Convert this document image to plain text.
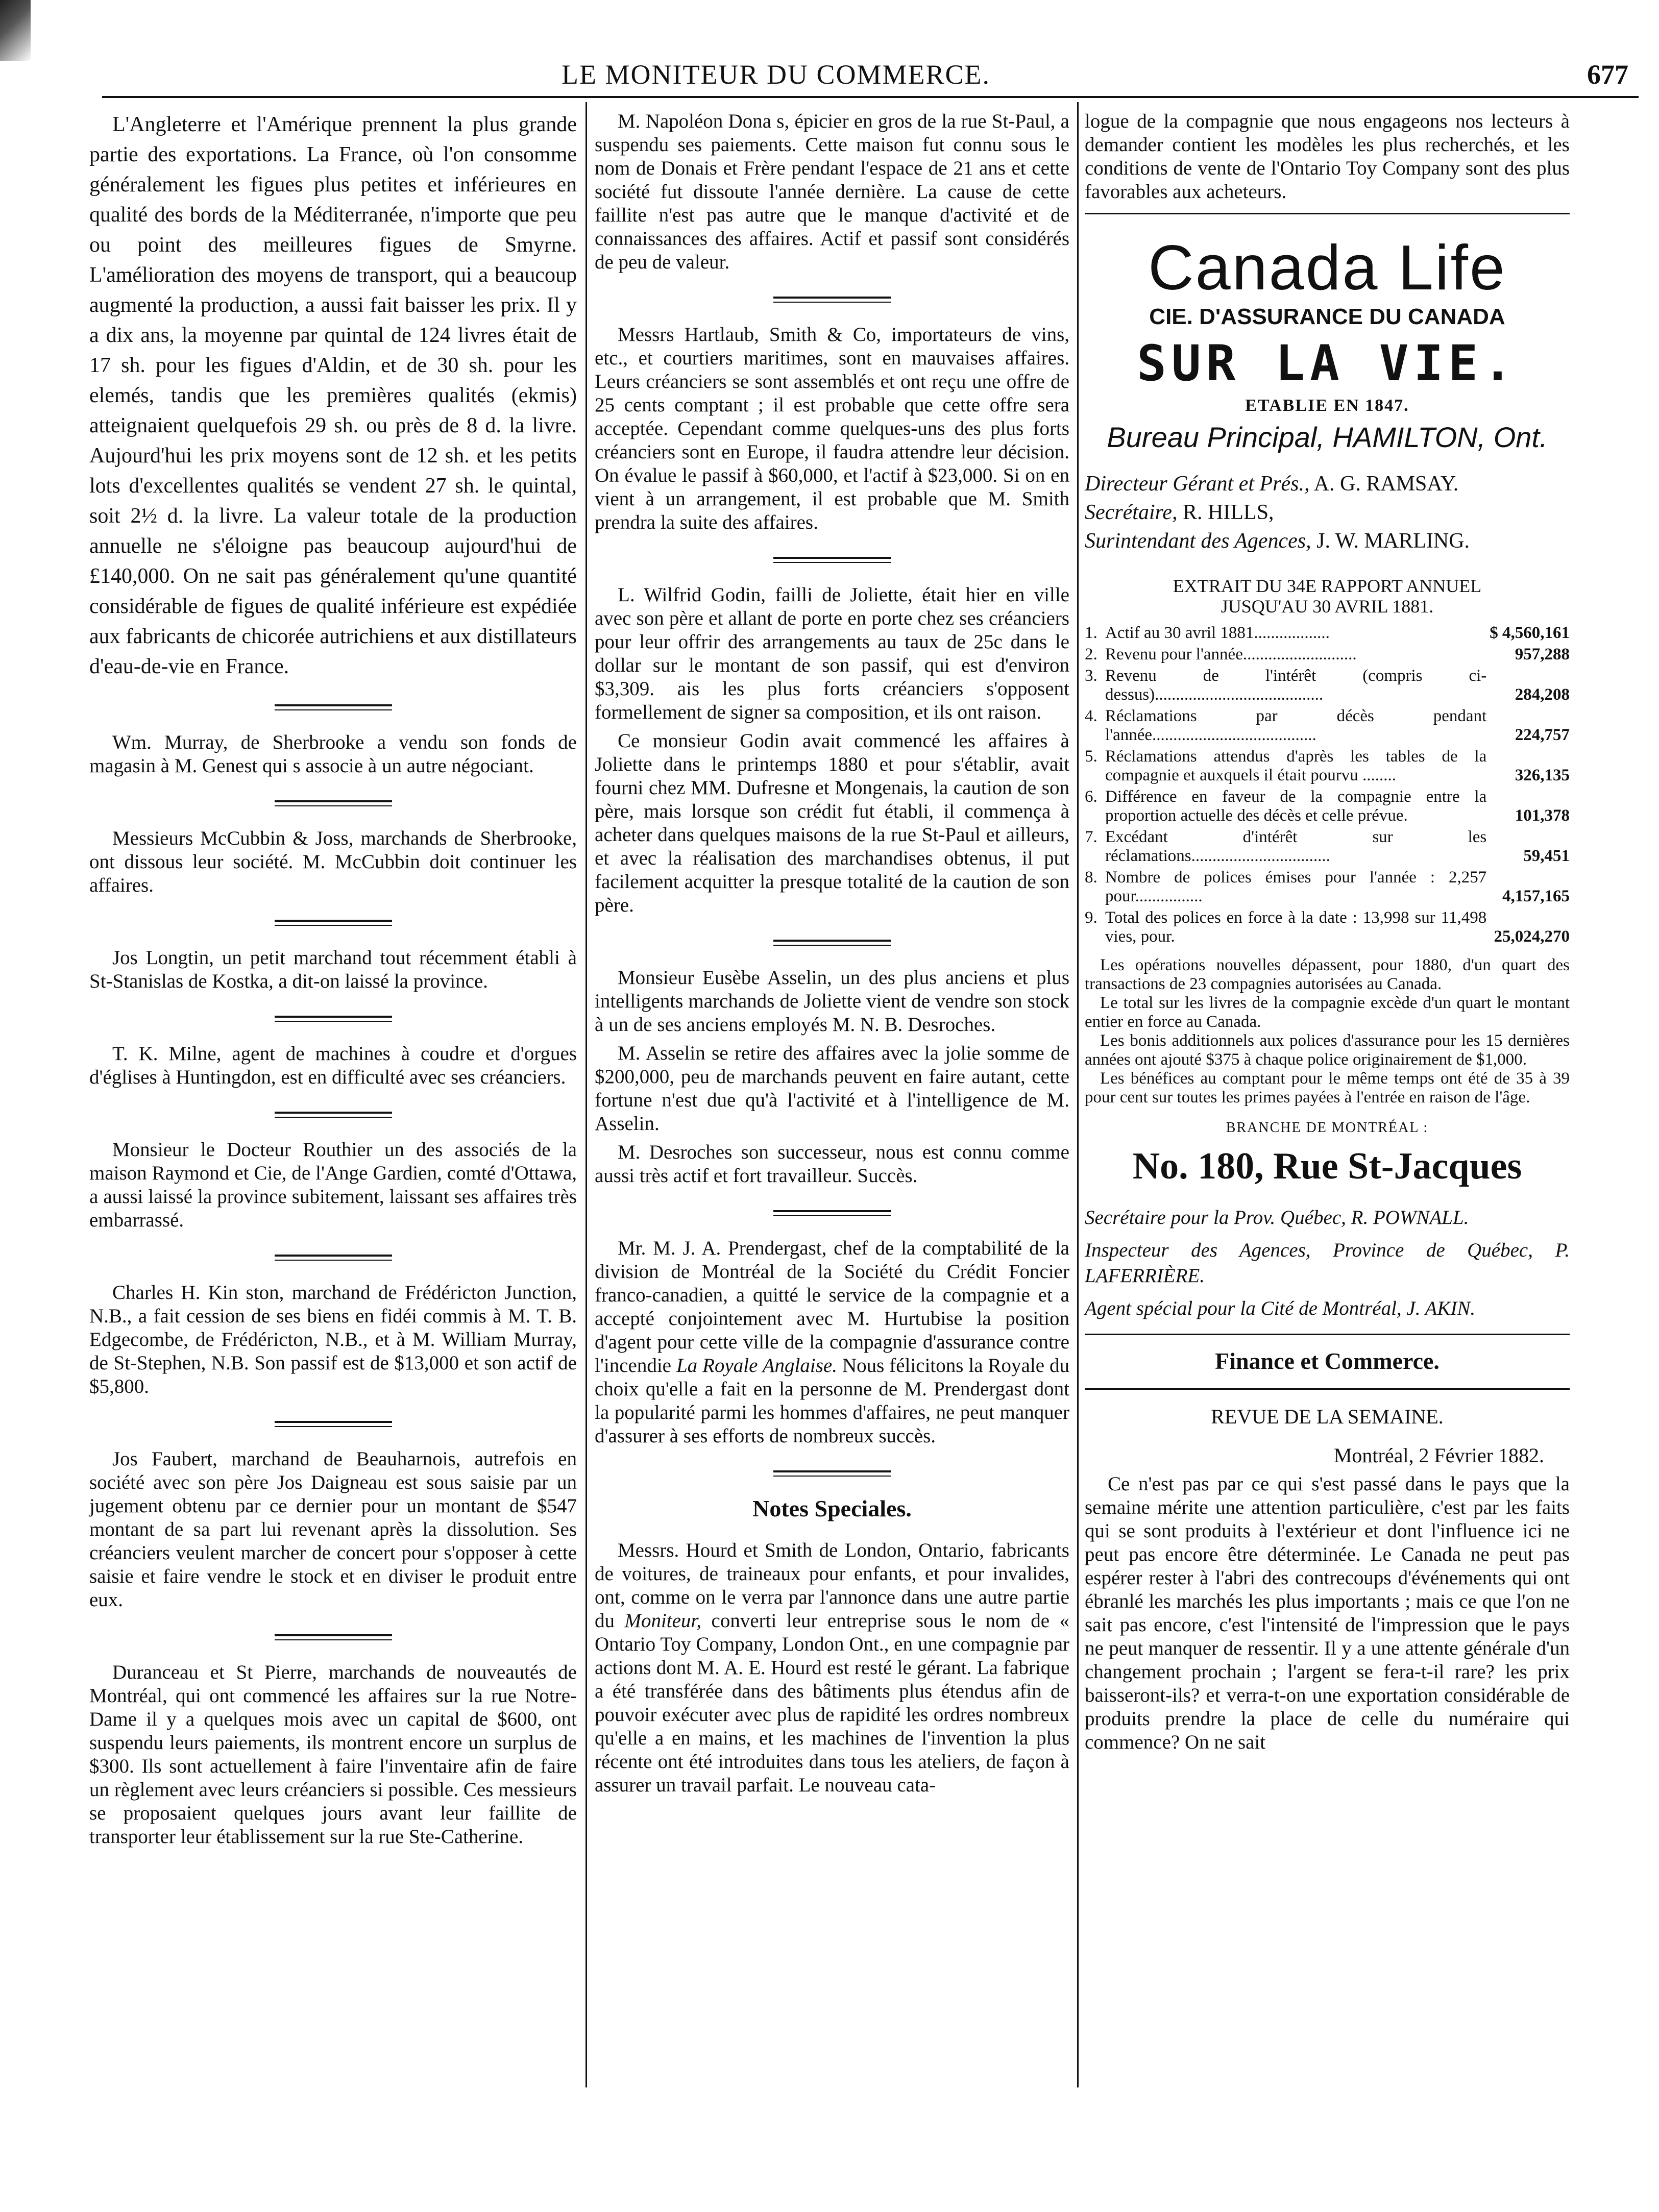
LE MONITEUR DU COMMERCE.	677

L'Angleterre et l'Amérique prennent la plus grande partie des exportations. La France, où l'on consomme généralement les figues plus petites et inférieures en qualité des bords de la Méditerranée, n'importe que peu ou point des meilleures figues de Smyrne. L'amélioration des moyens de transport, qui a beaucoup augmenté la production, a aussi fait baisser les prix. Il y a dix ans, la moyenne par quintal de 124 livres était de 17 sh. pour les figues d'Aldin, et de 30 sh. pour les elemés, tandis que les premières qualités (ekmis) atteignaient quelquefois 29 sh. ou près de 8 d. la livre. Aujourd'hui les prix moyens sont de 12 sh. et les petits lots d'excellentes qualités se vendent 27 sh. le quintal, soit 2½ d. la livre. La valeur totale de la production annuelle ne s'éloigne pas beaucoup aujourd'hui de £140,000. On ne sait pas généralement qu'une quantité considérable de figues de qualité inférieure est expédiée aux fabricants de chicorée autrichiens et aux distillateurs d'eau-de-vie en France.

Wm. Murray, de Sherbrooke a vendu son fonds de magasin à M. Genest qui s associe à un autre négociant.

Messieurs McCubbin & Joss, marchands de Sherbrooke, ont dissous leur société. M. McCubbin doit continuer les affaires.

Jos Longtin, un petit marchand tout récemment établi à St-Stanislas de Kostka, a dit-on laissé la province.

T. K. Milne, agent de machines à coudre et d'orgues d'églises à Huntingdon, est en difficulté avec ses créanciers.

Monsieur le Docteur Routhier un des associés de la maison Raymond et Cie, de l'Ange Gardien, comté d'Ottawa, a aussi laissé la province subitement, laissant ses affaires très embarrassé.

Charles H. Kin ston, marchand de Frédéricton Junction, N.B., a fait cession de ses biens en fidéi commis à M. T. B. Edgecombe, de Frédéricton, N.B., et à M. William Murray, de St-Stephen, N.B. Son passif est de $13,000 et son actif de $5,800.

Jos Faubert, marchand de Beauharnois, autrefois en société avec son père Jos Daigneau est sous saisie par un jugement obtenu par ce dernier pour un montant de $547 montant de sa part lui revenant après la dissolution. Ses créanciers veulent marcher de concert pour s'opposer à cette saisie et faire vendre le stock et en diviser le produit entre eux.

Duranceau et St Pierre, marchands de nouveautés de Montréal, qui ont commencé les affaires sur la rue Notre-Dame il y a quelques mois avec un capital de $600, ont suspendu leurs paiements, ils montrent encore un surplus de $300. Ils sont actuellement à faire l'inventaire afin de faire un règlement avec leurs créanciers si possible. Ces messieurs se proposaient quelques jours avant leur faillite de transporter leur établissement sur la rue Ste-Catherine.

M. Napoléon Dona s, épicier en gros de la rue St-Paul, a suspendu ses paiements. Cette maison fut connu sous le nom de Donais et Frère pendant l'espace de 21 ans et cette société fut dissoute l'année dernière. La cause de cette faillite n'est pas autre que le manque d'activité et de connaissances des affaires. Actif et passif sont considérés de peu de valeur.

Messrs Hartlaub, Smith & Co, importateurs de vins, etc., et courtiers maritimes, sont en mauvaises affaires. Leurs créanciers se sont assemblés et ont reçu une offre de 25 cents comptant ; il est probable que cette offre sera acceptée. Cependant comme quelques-uns des plus forts créanciers sont en Europe, il faudra attendre leur décision. On évalue le passif à $60,000, et l'actif à $23,000. Si on en vient à un arrangement, il est probable que M. Smith prendra la suite des affaires.

L. Wilfrid Godin, failli de Joliette, était hier en ville avec son père et allant de porte en porte chez ses créanciers pour leur offrir des arrangements au taux de 25c dans le dollar sur le montant de son passif, qui est d'environ $3,309. ais les plus forts créanciers s'opposent formellement de signer sa composition, et ils ont raison.

Ce monsieur Godin avait commencé les affaires à Joliette dans le printemps 1880 et pour s'établir, avait fourni chez MM. Dufresne et Mongenais, la caution de son père, mais lorsque son crédit fut établi, il commença à acheter dans quelques maisons de la rue St-Paul et ailleurs, et avec la réalisation des marchandises obtenus, il put facilement acquitter la presque totalité de la caution de son père.

Monsieur Eusèbe Asselin, un des plus anciens et plus intelligents marchands de Joliette vient de vendre son stock à un de ses anciens employés M. N. B. Desroches.

M. Asselin se retire des affaires avec la jolie somme de $200,000, peu de marchands peuvent en faire autant, cette fortune n'est due qu'à l'activité et à l'intelligence de M. Asselin.

M. Desroches son successeur, nous est connu comme aussi très actif et fort travailleur. Succès.

Mr. M. J. A. Prendergast, chef de la comptabilité de la division de Montréal de la Société du Crédit Foncier franco-canadien, a quitté le service de la compagnie et a accepté conjointement avec M. Hurtubise la position d'agent pour cette ville de la compagnie d'assurance contre l'incendie La Royale Anglaise. Nous félicitons la Royale du choix qu'elle a fait en la personne de M. Prendergast dont la popularité parmi les hommes d'affaires, ne peut manquer d'assurer à ses efforts de nombreux succès.

Notes Speciales.

Messrs. Hourd et Smith de London, Ontario, fabricants de voitures, de traineaux pour enfants, et pour invalides, ont, comme on le verra par l'annonce dans une autre partie du Moniteur, converti leur entreprise sous le nom de « Ontario Toy Company, London Ont., en une compagnie par actions dont M. A. E. Hourd est resté le gérant. La fabrique a été transférée dans des bâtiments plus étendus afin de pouvoir exécuter avec plus de rapidité les ordres nombreux qu'elle a en mains, et les machines de l'invention la plus récente ont été introduites dans tous les ateliers, de façon à assurer un travail parfait. Le nouveau cata-

logue de la compagnie que nous engageons nos lecteurs à demander contient les modèles les plus recherchés, et les conditions de vente de l'Ontario Toy Company sont des plus favorables aux acheteurs.

Canada Life
CIE. D'ASSURANCE DU CANADA
SUR LA VIE.
ETABLIE EN 1847.
Bureau Principal, HAMILTON, Ont.
Directeur Gérant et Prés., A. G. RAMSAY.
Secrétaire, R. HILLS,
Surintendant des Agences, J. W. MARLING.
EXTRAIT DU 34E RAPPORT ANNUEL
JUSQU'AU 30 AVRIL 1881.
1.	Actif au 30 avril 1881..................	$ 4,560,161
2.	Revenu pour l'année...........................	957,288
3.	Revenu de l'intérêt (compris ci-dessus)........................................	284,208
4.	Réclamations par décès pendant l'année.......................................	224,757
5.	Réclamations attendus d'après les tables de la compagnie et auxquels il était pourvu ........	326,135
6.	Différence en faveur de la compagnie entre la proportion actuelle des décès et celle prévue.	101,378
7.	Excédant d'intérêt sur les réclamations.................................	59,451
8.	Nombre de polices émises pour l'année : 2,257 pour................	4,157,165
9.	Total des polices en force à la date : 13,998 sur 11,498 vies, pour.	25,024,270

Les opérations nouvelles dépassent, pour 1880, d'un quart des transactions de 23 compagnies autorisées au Canada.

Le total sur les livres de la compagnie excède d'un quart le montant entier en force au Canada.

Les bonis additionnels aux polices d'assurance pour les 15 dernières années ont ajouté $375 à chaque police originairement de $1,000.

Les bénéfices au comptant pour le même temps ont été de 35 à 39 pour cent sur toutes les primes payées à l'entrée en raison de l'âge.

BRANCHE DE MONTRÉAL :
No. 180, Rue St-Jacques
Secrétaire pour la Prov. Québec, R. POWNALL.
Inspecteur des Agences, Province de Québec, P. LAFERRIÈRE.
Agent spécial pour la Cité de Montréal, J. AKIN.
Finance et Commerce.
REVUE DE LA SEMAINE.
Montréal, 2 Février 1882.

Ce n'est pas par ce qui s'est passé dans le pays que la semaine mérite une attention particulière, c'est par les faits qui se sont produits à l'extérieur et dont l'influence ici ne peut pas encore être déterminée. Le Canada ne peut pas espérer rester à l'abri des contrecoups d'événements qui ont ébranlé les marchés les plus importants ; mais ce que l'on ne sait pas encore, c'est l'intensité de l'impression que le pays ne peut manquer de ressentir. Il y a une attente générale d'un changement prochain ; l'argent se fera-t-il rare? les prix baisseront-ils? et verra-t-on une exportation considérable de produits prendre la place de celle du numéraire qui commence? On ne sait
